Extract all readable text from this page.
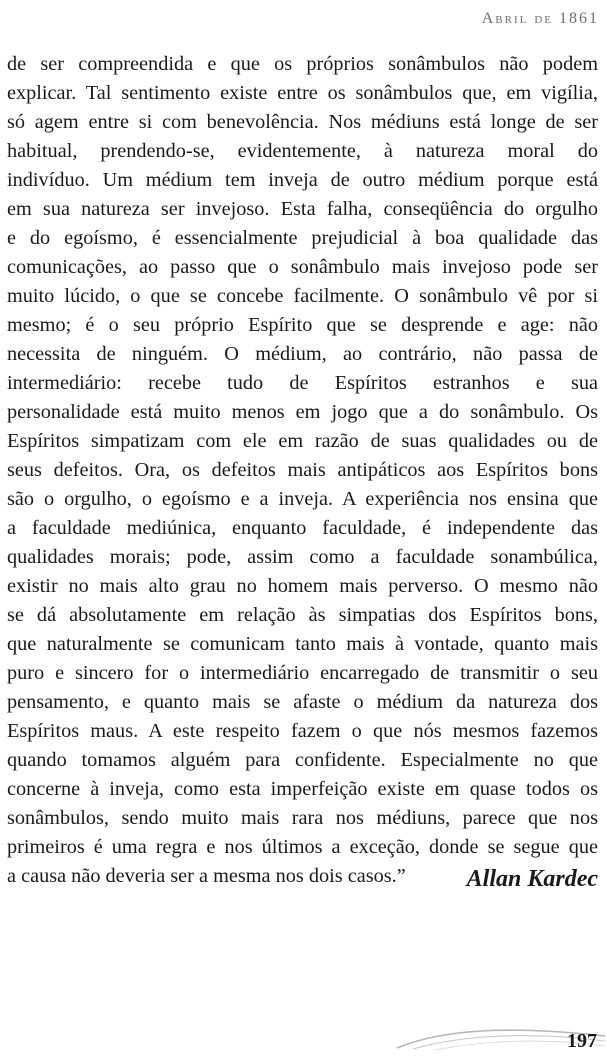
Abril de 1861
de ser compreendida e que os próprios sonâmbulos não podem
explicar. Tal sentimento existe entre os sonâmbulos que, em vigília,
só agem entre si com benevolência. Nos médiuns está longe de ser
habitual, prendendo-se, evidentemente, à natureza moral do
indivíduo. Um médium tem inveja de outro médium porque está
em sua natureza ser invejoso. Esta falha, conseqüência do orgulho
e do egoísmo, é essencialmente prejudicial à boa qualidade das
comunicações, ao passo que o sonâmbulo mais invejoso pode ser
muito lúcido, o que se concebe facilmente. O sonâmbulo vê por si
mesmo; é o seu próprio Espírito que se desprende e age: não
necessita de ninguém. O médium, ao contrário, não passa de
intermediário: recebe tudo de Espíritos estranhos e sua
personalidade está muito menos em jogo que a do sonâmbulo. Os
Espíritos simpatizam com ele em razão de suas qualidades ou de
seus defeitos. Ora, os defeitos mais antipáticos aos Espíritos bons
são o orgulho, o egoísmo e a inveja. A experiência nos ensina que
a faculdade mediúnica, enquanto faculdade, é independente das
qualidades morais; pode, assim como a faculdade sonambúlica,
existir no mais alto grau no homem mais perverso. O mesmo não
se dá absolutamente em relação às simpatias dos Espíritos bons,
que naturalmente se comunicam tanto mais à vontade, quanto mais
puro e sincero for o intermediário encarregado de transmitir o seu
pensamento, e quanto mais se afaste o médium da natureza dos
Espíritos maus. A este respeito fazem o que nós mesmos fazemos
quando tomamos alguém para confidente. Especialmente no que
concerne à inveja, como esta imperfeição existe em quase todos os
sonâmbulos, sendo muito mais rara nos médiuns, parece que nos
primeiros é uma regra e nos últimos a exceção, donde se segue que
a causa não deveria ser a mesma nos dois casos.”	Allan Kardec
197
